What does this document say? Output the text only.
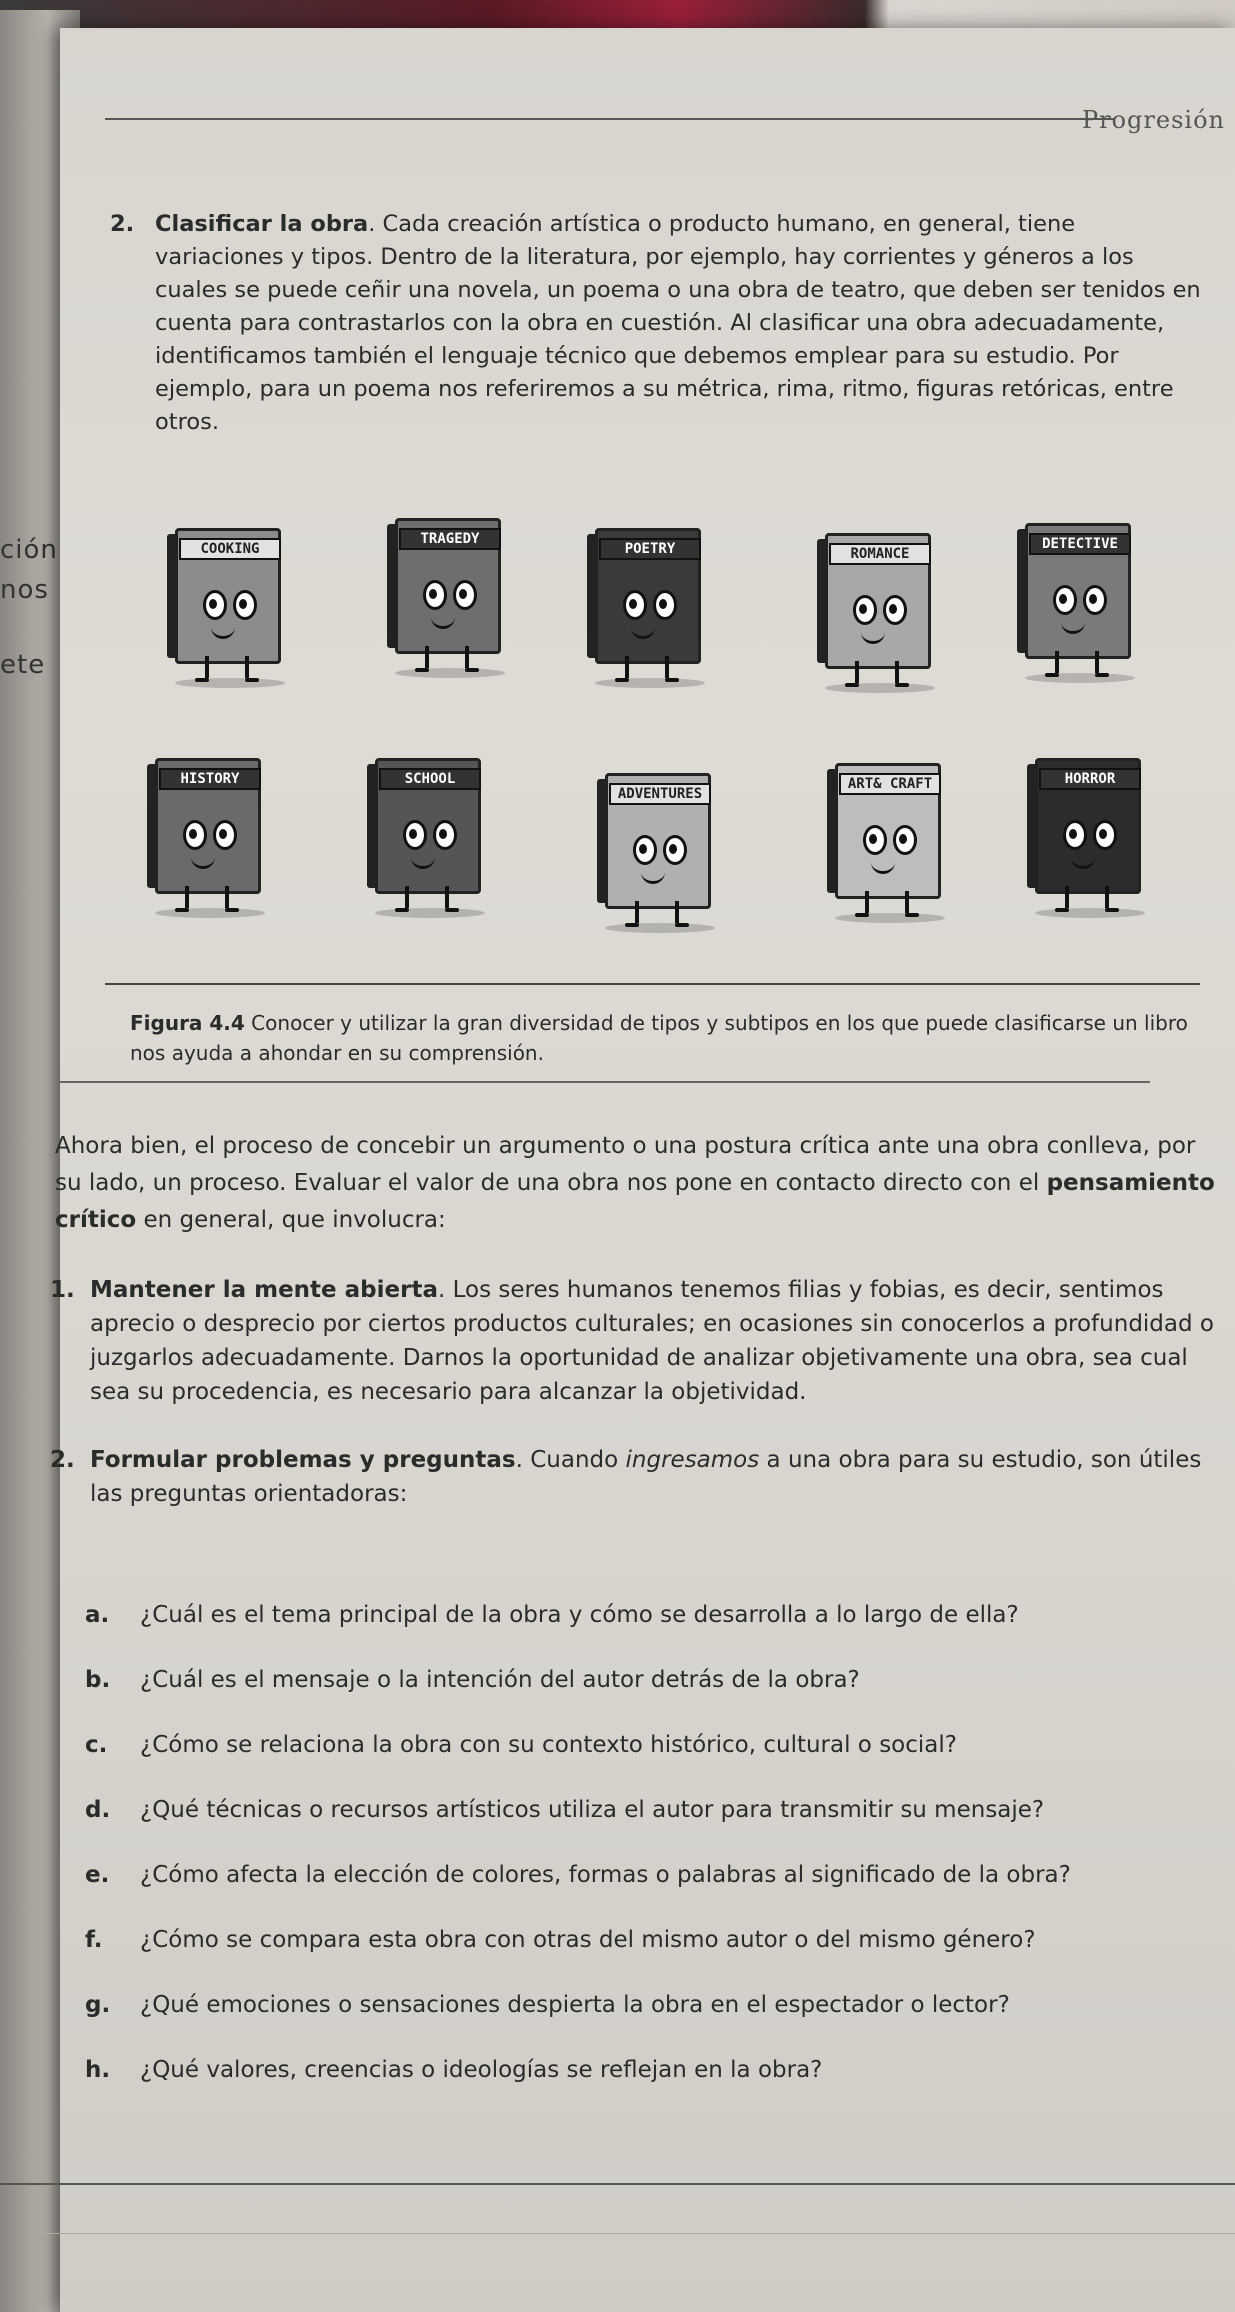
ción
nos
ete
Progresión
2. Clasificar la obra. Cada creación artística o producto humano, en general, tiene variaciones y tipos. Dentro de la literatura, por ejemplo, hay corrientes y géneros a los cuales se puede ceñir una novela, un poema o una obra de teatro, que deben ser tenidos en cuenta para contrastarlos con la obra en cuestión. Al clasificar una obra adecuadamente, identificamos también el lenguaje técnico que debemos emplear para su estudio. Por ejemplo, para un poema nos referiremos a su métrica, rima, ritmo, figuras retóricas, entre otros.
COOKING
TRAGEDY
POETRY	ROMANCE
DETECTIVE
HISTORY	SCHOOL
ADVENTURES
ART& CRAFT	HORROR
Figura 4.4 Conocer y utilizar la gran diversidad de tipos y subtipos en los que puede clasificarse un libro nos ayuda a ahondar en su comprensión.
Ahora bien, el proceso de concebir un argumento o una postura crítica ante una obra conlleva, por su lado, un proceso. Evaluar el valor de una obra nos pone en contacto directo con el pensamiento crítico en general, que involucra:
1. Mantener la mente abierta. Los seres humanos tenemos filias y fobias, es decir, sentimos aprecio o desprecio por ciertos productos culturales; en ocasiones sin conocerlos a profundidad o juzgarlos adecuadamente. Darnos la oportunidad de analizar objetivamente una obra, sea cual sea su procedencia, es necesario para alcanzar la objetividad.
2. Formular problemas y preguntas. Cuando ingresamos a una obra para su estudio, son útiles las preguntas orientadoras:
a. ¿Cuál es el tema principal de la obra y cómo se desarrolla a lo largo de ella?
b. ¿Cuál es el mensaje o la intención del autor detrás de la obra?
c. ¿Cómo se relaciona la obra con su contexto histórico, cultural o social?
d. ¿Qué técnicas o recursos artísticos utiliza el autor para transmitir su mensaje?
e. ¿Cómo afecta la elección de colores, formas o palabras al significado de la obra?
f. ¿Cómo se compara esta obra con otras del mismo autor o del mismo género?
g. ¿Qué emociones o sensaciones despierta la obra en el espectador o lector?
h. ¿Qué valores, creencias o ideologías se reflejan en la obra?
